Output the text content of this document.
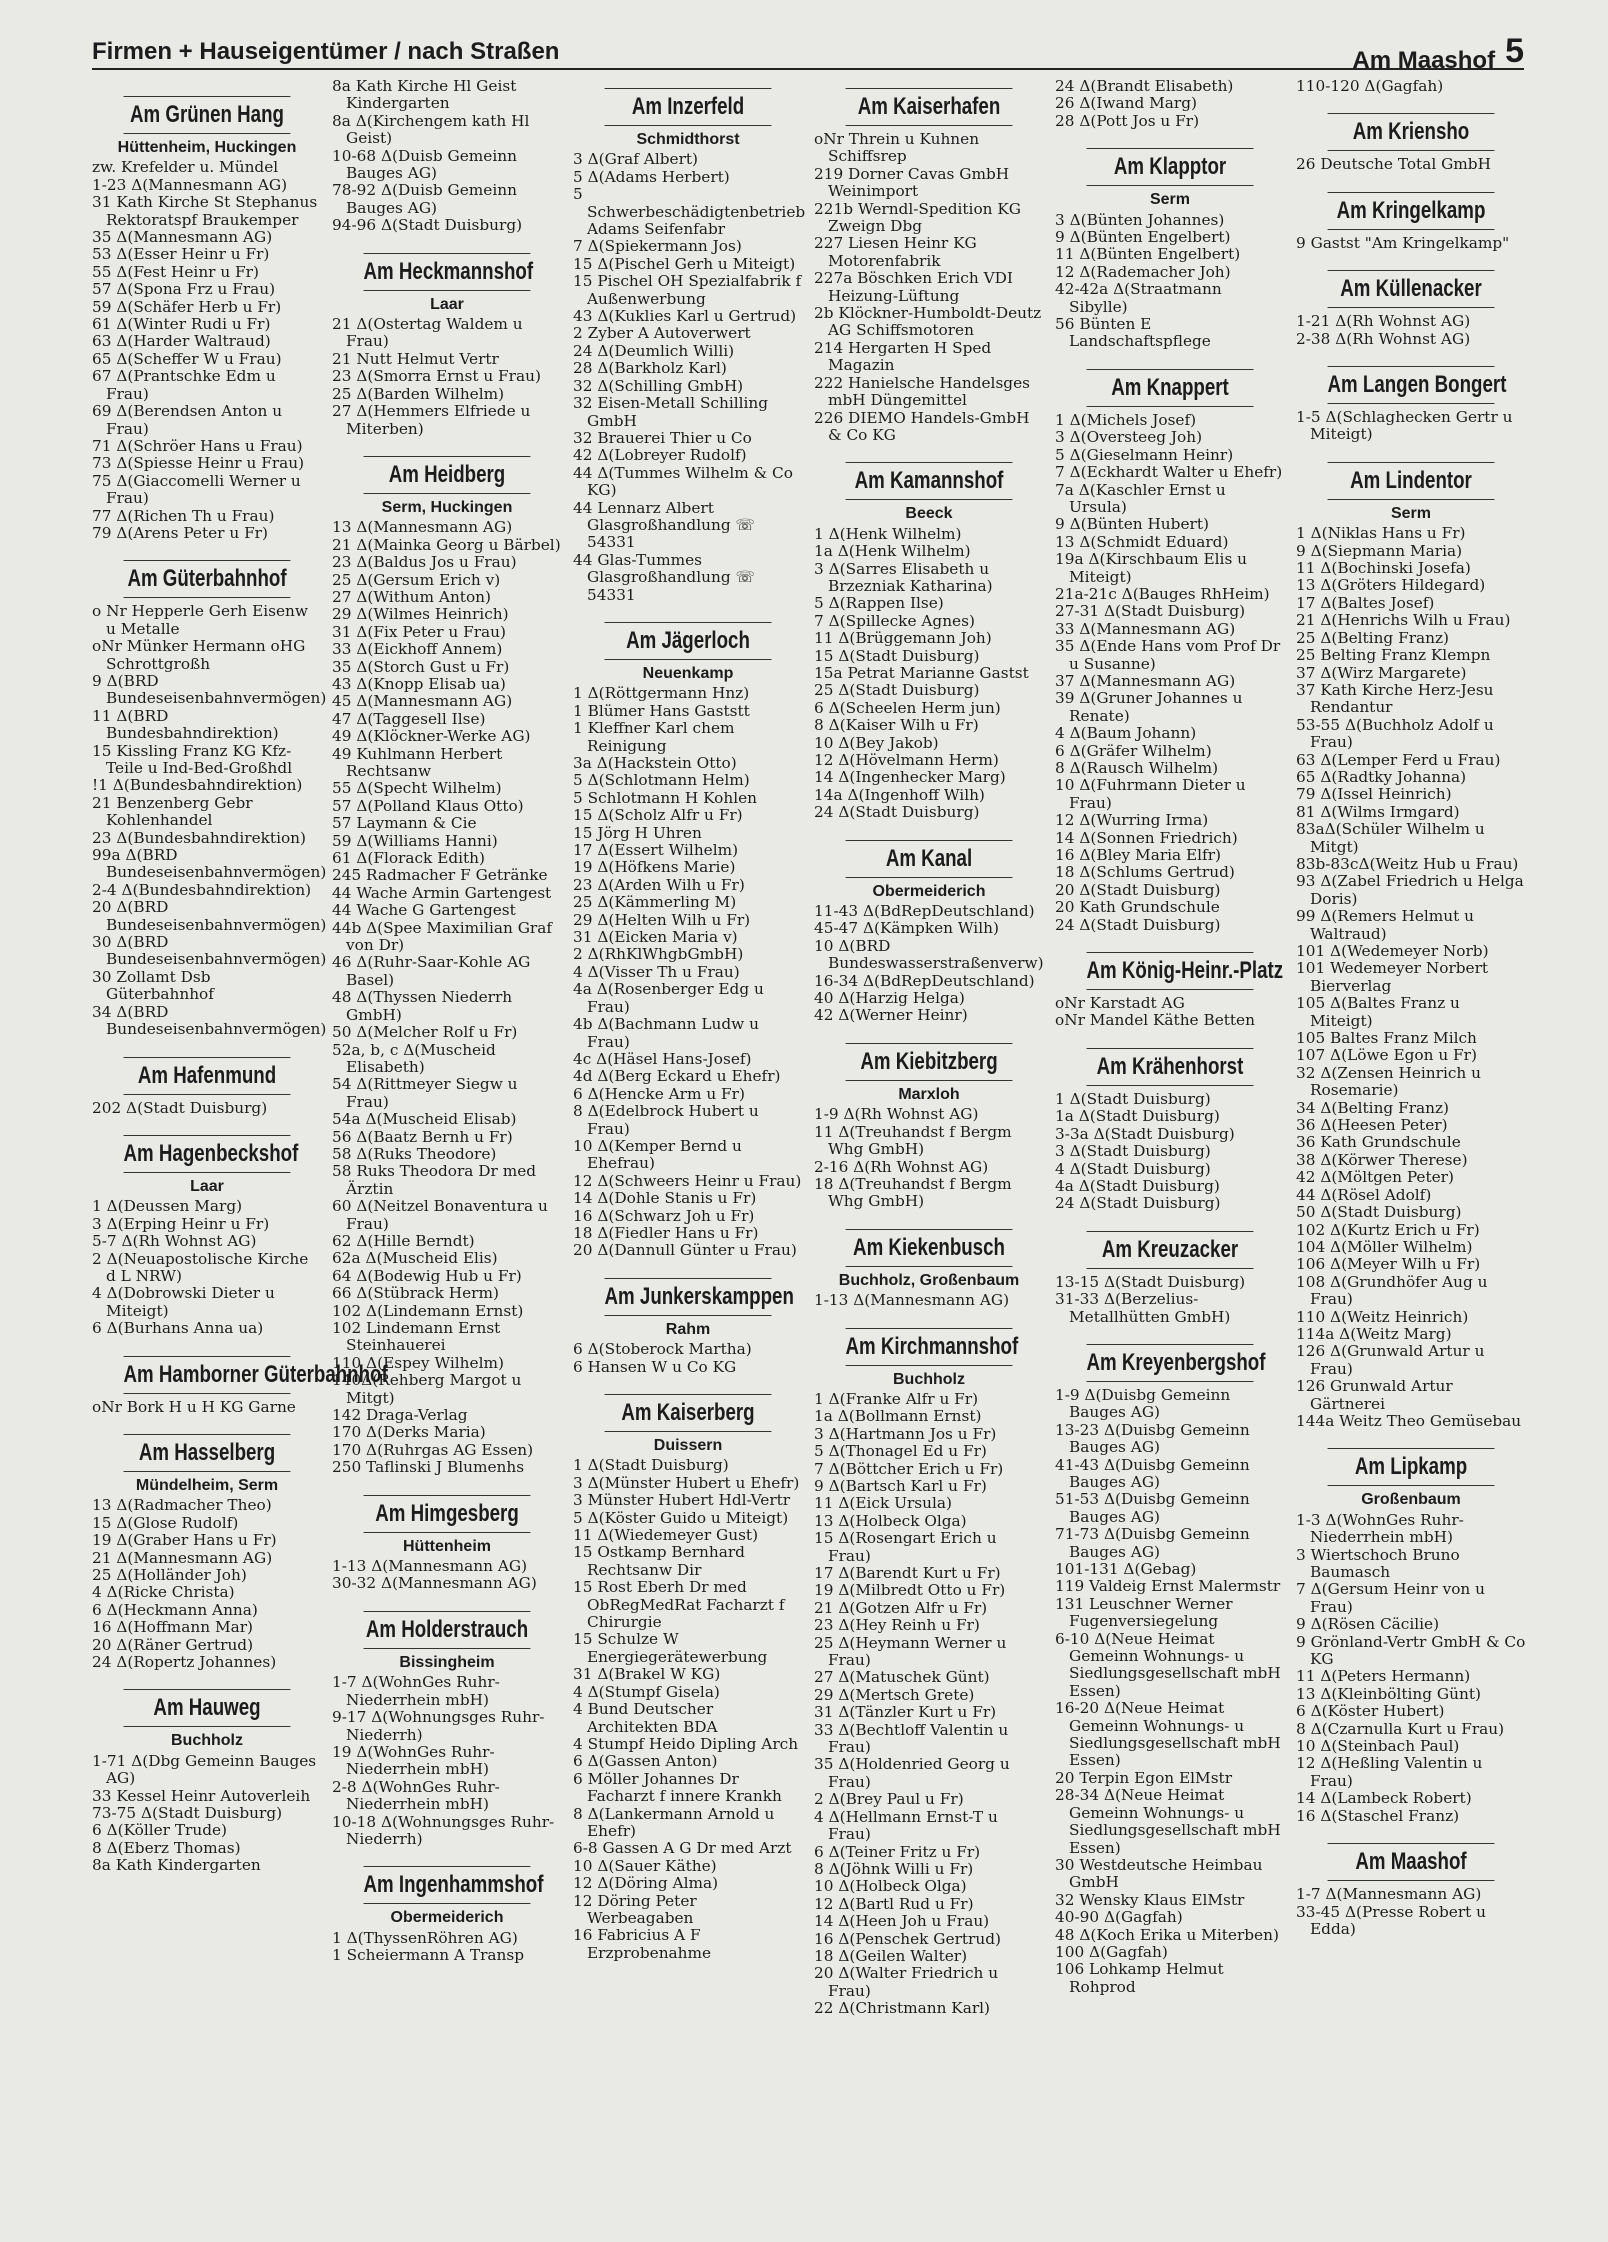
Firmen + Hauseigentümer / nach Straßen	Am Maashof 5
Am Grünen Hang
Hüttenheim, Huckingen
zw. Krefelder u. Mündel
1-23 Δ(Mannesmann AG)
31 Kath Kirche St Stephanus Rektoratspf Braukemper
35 Δ(Mannesmann AG)
53 Δ(Esser Heinr u Fr)
55 Δ(Fest Heinr u Fr)
57 Δ(Spona Frz u Frau)
59 Δ(Schäfer Herb u Fr)
61 Δ(Winter Rudi u Fr)
63 Δ(Harder Waltraud)
65 Δ(Scheffer W u Frau)
67 Δ(Prantschke Edm u Frau)
69 Δ(Berendsen Anton u Frau)
71 Δ(Schröer Hans u Frau)
73 Δ(Spiesse Heinr u Frau)
75 Δ(Giaccomelli Werner u Frau)
77 Δ(Richen Th u Frau)
79 Δ(Arens Peter u Fr)
Am Güterbahnhof
o Nr Hepperle Gerh Eisenw u Metalle
oNr Münker Hermann oHG Schrottgroßh
9 Δ(BRD Bundeseisenbahnvermögen)
11 Δ(BRD Bundesbahndirektion)
15 Kissling Franz KG Kfz-Teile u Ind-Bed-Großhdl
!1 Δ(Bundesbahndirektion)
21 Benzenberg Gebr Kohlenhandel
23 Δ(Bundesbahndirektion)
99a Δ(BRD Bundeseisenbahnvermögen)
2-4 Δ(Bundesbahndirektion)
20 Δ(BRD Bundeseisenbahnvermögen)
30 Δ(BRD Bundeseisenbahnvermögen)
30 Zollamt Dsb Güterbahnhof
34 Δ(BRD Bundeseisenbahnvermögen)
Am Hafenmund
202 Δ(Stadt Duisburg)
Am Hagenbeckshof
Laar
1 Δ(Deussen Marg)
3 Δ(Erping Heinr u Fr)
5-7 Δ(Rh Wohnst AG)
2 Δ(Neuapostolische Kirche d L NRW)
4 Δ(Dobrowski Dieter u Miteigt)
6 Δ(Burhans Anna ua)
Am Hamborner Güterbahnhof
oNr Bork H u H KG Garne
Am Hasselberg
Mündelheim, Serm
13 Δ(Radmacher Theo)
15 Δ(Glose Rudolf)
19 Δ(Graber Hans u Fr)
21 Δ(Mannesmann AG)
25 Δ(Holländer Joh)
4 Δ(Ricke Christa)
6 Δ(Heckmann Anna)
16 Δ(Hoffmann Mar)
20 Δ(Räner Gertrud)
24 Δ(Ropertz Johannes)
Am Hauweg
Buchholz
1-71 Δ(Dbg Gemeinn Bauges AG)
33 Kessel Heinr Autoverleih
73-75 Δ(Stadt Duisburg)
6 Δ(Köller Trude)
8 Δ(Eberz Thomas)
8a Kath Kindergarten
8a Kath Kirche Hl Geist Kindergarten
8a Δ(Kirchengem kath Hl Geist)
10-68 Δ(Duisb Gemeinn Bauges AG)
78-92 Δ(Duisb Gemeinn Bauges AG)
94-96 Δ(Stadt Duisburg)
Am Heckmannshof
Laar
21 Δ(Ostertag Waldem u Frau)
21 Nutt Helmut Vertr
23 Δ(Smorra Ernst u Frau)
25 Δ(Barden Wilhelm)
27 Δ(Hemmers Elfriede u Miterben)
Am Heidberg
Serm, Huckingen
13 Δ(Mannesmann AG)
21 Δ(Mainka Georg u Bärbel)
23 Δ(Baldus Jos u Frau)
25 Δ(Gersum Erich v)
27 Δ(Withum Anton)
29 Δ(Wilmes Heinrich)
31 Δ(Fix Peter u Frau)
33 Δ(Eickhoff Annem)
35 Δ(Storch Gust u Fr)
43 Δ(Knopp Elisab ua)
45 Δ(Mannesmann AG)
47 Δ(Taggesell Ilse)
49 Δ(Klöckner-Werke AG)
49 Kuhlmann Herbert Rechtsanw
55 Δ(Specht Wilhelm)
57 Δ(Polland Klaus Otto)
57 Laymann & Cie
59 Δ(Williams Hanni)
61 Δ(Florack Edith)
245 Radmacher F Getränke
44 Wache Armin Gartengest
44 Wache G Gartengest
44b Δ(Spee Maximilian Graf von Dr)
46 Δ(Ruhr-Saar-Kohle AG Basel)
48 Δ(Thyssen Niederrh GmbH)
50 Δ(Melcher Rolf u Fr)
52a, b, c Δ(Muscheid Elisabeth)
54 Δ(Rittmeyer Siegw u Frau)
54a Δ(Muscheid Elisab)
56 Δ(Baatz Bernh u Fr)
58 Δ(Ruks Theodore)
58 Ruks Theodora Dr med Ärztin
60 Δ(Neitzel Bonaventura u Frau)
62 Δ(Hille Berndt)
62a Δ(Muscheid Elis)
64 Δ(Bodewig Hub u Fr)
66 Δ(Stübrack Herm)
102 Δ(Lindemann Ernst)
102 Lindemann Ernst Steinhauerei
110 Δ(Espey Wilhelm)
140Δ(Rehberg Margot u Mitgt)
142 Draga-Verlag
170 Δ(Derks Maria)
170 Δ(Ruhrgas AG Essen)
250 Taflinski J Blumenhs
Am Himgesberg
Hüttenheim
1-13 Δ(Mannesmann AG)
30-32 Δ(Mannesmann AG)
Am Holderstrauch
Bissingheim
1-7 Δ(WohnGes Ruhr-Niederrhein mbH)
9-17 Δ(Wohnungsges Ruhr-Niederrh)
19 Δ(WohnGes Ruhr-Niederrhein mbH)
2-8 Δ(WohnGes Ruhr-Niederrhein mbH)
10-18 Δ(Wohnungsges Ruhr-Niederrh)
Am Ingenhammshof
Obermeiderich
1 Δ(ThyssenRöhren AG)
1 Scheiermann A Transp
Am Inzerfeld
Schmidthorst
3 Δ(Graf Albert)
5 Δ(Adams Herbert)
5 Schwerbeschädigtenbetrieb Adams Seifenfabr
7 Δ(Spiekermann Jos)
15 Δ(Pischel Gerh u Miteigt)
15 Pischel OH Spezialfabrik f Außenwerbung
43 Δ(Kuklies Karl u Gertrud)
2 Zyber A Autoverwert
24 Δ(Deumlich Willi)
28 Δ(Barkholz Karl)
32 Δ(Schilling GmbH)
32 Eisen-Metall Schilling GmbH
32 Brauerei Thier u Co
42 Δ(Lobreyer Rudolf)
44 Δ(Tummes Wilhelm & Co KG)
44 Lennarz Albert Glasgroßhandlung ☏ 54331
44 Glas-Tummes Glasgroßhandlung ☏ 54331
Am Jägerloch
Neuenkamp
1 Δ(Röttgermann Hnz)
1 Blümer Hans Gaststt
1 Kleffner Karl chem Reinigung
3a Δ(Hackstein Otto)
5 Δ(Schlotmann Helm)
5 Schlotmann H Kohlen
15 Δ(Scholz Alfr u Fr)
15 Jörg H Uhren
17 Δ(Essert Wilhelm)
19 Δ(Höfkens Marie)
23 Δ(Arden Wilh u Fr)
25 Δ(Kämmerling M)
29 Δ(Helten Wilh u Fr)
31 Δ(Eicken Maria v)
2 Δ(RhKlWhgbGmbH)
4 Δ(Visser Th u Frau)
4a Δ(Rosenberger Edg u Frau)
4b Δ(Bachmann Ludw u Frau)
4c Δ(Häsel Hans-Josef)
4d Δ(Berg Eckard u Ehefr)
6 Δ(Hencke Arm u Fr)
8 Δ(Edelbrock Hubert u Frau)
10 Δ(Kemper Bernd u Ehefrau)
12 Δ(Schweers Heinr u Frau)
14 Δ(Dohle Stanis u Fr)
16 Δ(Schwarz Joh u Fr)
18 Δ(Fiedler Hans u Fr)
20 Δ(Dannull Günter u Frau)
Am Junkerskamppen
Rahm
6 Δ(Stoberock Martha)
6 Hansen W u Co KG
Am Kaiserberg
Duissern
1 Δ(Stadt Duisburg)
3 Δ(Münster Hubert u Ehefr)
3 Münster Hubert Hdl-Vertr
5 Δ(Köster Guido u Miteigt)
11 Δ(Wiedemeyer Gust)
15 Ostkamp Bernhard Rechtsanw Dir
15 Rost Eberh Dr med ObRegMedRat Facharzt f Chirurgie
15 Schulze W Energiegerätewerbung
31 Δ(Brakel W KG)
4 Δ(Stumpf Gisela)
4 Bund Deutscher Architekten BDA
4 Stumpf Heido Dipling Arch
6 Δ(Gassen Anton)
6 Möller Johannes Dr Facharzt f innere Krankh
8 Δ(Lankermann Arnold u Ehefr)
6-8 Gassen A G Dr med Arzt
10 Δ(Sauer Käthe)
12 Δ(Döring Alma)
12 Döring Peter Werbeagaben
16 Fabricius A F Erzprobenahme
Am Kaiserhafen
oNr Threin u Kuhnen Schiffsrep
219 Dorner Cavas GmbH Weinimport
221b Werndl-Spedition KG Zweign Dbg
227 Liesen Heinr KG Motorenfabrik
227a Böschken Erich VDI Heizung-Lüftung
2b Klöckner-Humboldt-Deutz AG Schiffsmotoren
214 Hergarten H Sped Magazin
222 Hanielsche Handelsges mbH Düngemittel
226 DIEMO Handels-GmbH & Co KG
Am Kamannshof
Beeck
1 Δ(Henk Wilhelm)
1a Δ(Henk Wilhelm)
3 Δ(Sarres Elisabeth u Brzezniak Katharina)
5 Δ(Rappen Ilse)
7 Δ(Spillecke Agnes)
11 Δ(Brüggemann Joh)
15 Δ(Stadt Duisburg)
15a Petrat Marianne Gastst
25 Δ(Stadt Duisburg)
6 Δ(Scheelen Herm jun)
8 Δ(Kaiser Wilh u Fr)
10 Δ(Bey Jakob)
12 Δ(Hövelmann Herm)
14 Δ(Ingenhecker Marg)
14a Δ(Ingenhoff Wilh)
24 Δ(Stadt Duisburg)
Am Kanal
Obermeiderich
11-43 Δ(BdRepDeutschland)
45-47 Δ(Kämpken Wilh)
10 Δ(BRD Bundeswasserstraßenverw)
16-34 Δ(BdRepDeutschland)
40 Δ(Harzig Helga)
42 Δ(Werner Heinr)
Am Kiebitzberg
Marxloh
1-9 Δ(Rh Wohnst AG)
11 Δ(Treuhandst f Bergm Whg GmbH)
2-16 Δ(Rh Wohnst AG)
18 Δ(Treuhandst f Bergm Whg GmbH)
Am Kiekenbusch
Buchholz, Großenbaum
1-13 Δ(Mannesmann AG)
Am Kirchmannshof
Buchholz
1 Δ(Franke Alfr u Fr)
1a Δ(Bollmann Ernst)
3 Δ(Hartmann Jos u Fr)
5 Δ(Thonagel Ed u Fr)
7 Δ(Böttcher Erich u Fr)
9 Δ(Bartsch Karl u Fr)
11 Δ(Eick Ursula)
13 Δ(Holbeck Olga)
15 Δ(Rosengart Erich u Frau)
17 Δ(Barendt Kurt u Fr)
19 Δ(Milbredt Otto u Fr)
21 Δ(Gotzen Alfr u Fr)
23 Δ(Hey Reinh u Fr)
25 Δ(Heymann Werner u Frau)
27 Δ(Matuschek Günt)
29 Δ(Mertsch Grete)
31 Δ(Tänzler Kurt u Fr)
33 Δ(Bechtloff Valentin u Frau)
35 Δ(Holdenried Georg u Frau)
2 Δ(Brey Paul u Fr)
4 Δ(Hellmann Ernst-T u Frau)
6 Δ(Teiner Fritz u Fr)
8 Δ(Jöhnk Willi u Fr)
10 Δ(Holbeck Olga)
12 Δ(Bartl Rud u Fr)
14 Δ(Heen Joh u Frau)
16 Δ(Penschek Gertrud)
18 Δ(Geilen Walter)
20 Δ(Walter Friedrich u Frau)
22 Δ(Christmann Karl)
24 Δ(Brandt Elisabeth)
26 Δ(Iwand Marg)
28 Δ(Pott Jos u Fr)
Am Klapptor
Serm
3 Δ(Bünten Johannes)
9 Δ(Bünten Engelbert)
11 Δ(Bünten Engelbert)
12 Δ(Rademacher Joh)
42-42a Δ(Straatmann Sibylle)
56 Bünten E Landschaftspflege
Am Knappert
1 Δ(Michels Josef)
3 Δ(Oversteeg Joh)
5 Δ(Gieselmann Heinr)
7 Δ(Eckhardt Walter u Ehefr)
7a Δ(Kaschler Ernst u Ursula)
9 Δ(Bünten Hubert)
13 Δ(Schmidt Eduard)
19a Δ(Kirschbaum Elis u Miteigt)
21a-21c Δ(Bauges RhHeim)
27-31 Δ(Stadt Duisburg)
33 Δ(Mannesmann AG)
35 Δ(Ende Hans vom Prof Dr u Susanne)
37 Δ(Mannesmann AG)
39 Δ(Gruner Johannes u Renate)
4 Δ(Baum Johann)
6 Δ(Gräfer Wilhelm)
8 Δ(Rausch Wilhelm)
10 Δ(Fuhrmann Dieter u Frau)
12 Δ(Wurring Irma)
14 Δ(Sonnen Friedrich)
16 Δ(Bley Maria Elfr)
18 Δ(Schlums Gertrud)
20 Δ(Stadt Duisburg)
20 Kath Grundschule
24 Δ(Stadt Duisburg)
Am König-Heinr.-Platz
oNr Karstadt AG
oNr Mandel Käthe Betten
Am Krähenhorst
1 Δ(Stadt Duisburg)
1a Δ(Stadt Duisburg)
3-3a Δ(Stadt Duisburg)
3 Δ(Stadt Duisburg)
4 Δ(Stadt Duisburg)
4a Δ(Stadt Duisburg)
24 Δ(Stadt Duisburg)
Am Kreuzacker
13-15 Δ(Stadt Duisburg)
31-33 Δ(Berzelius-Metallhütten GmbH)
Am Kreyenbergshof
1-9 Δ(Duisbg Gemeinn Bauges AG)
13-23 Δ(Duisbg Gemeinn Bauges AG)
41-43 Δ(Duisbg Gemeinn Bauges AG)
51-53 Δ(Duisbg Gemeinn Bauges AG)
71-73 Δ(Duisbg Gemeinn Bauges AG)
101-131 Δ(Gebag)
119 Valdeig Ernst Malermstr
131 Leuschner Werner Fugenversiegelung
6-10 Δ(Neue Heimat Gemeinn Wohnungs- u Siedlungsgesellschaft mbH Essen)
16-20 Δ(Neue Heimat Gemeinn Wohnungs- u Siedlungsgesellschaft mbH Essen)
20 Terpin Egon ElMstr
28-34 Δ(Neue Heimat Gemeinn Wohnungs- u Siedlungsgesellschaft mbH Essen)
30 Westdeutsche Heimbau GmbH
32 Wensky Klaus ElMstr
40-90 Δ(Gagfah)
48 Δ(Koch Erika u Miterben)
100 Δ(Gagfah)
106 Lohkamp Helmut Rohprod
110-120 Δ(Gagfah)
Am Kriensho
26 Deutsche Total GmbH
Am Kringelkamp
9 Gastst "Am Kringelkamp"
Am Küllenacker
1-21 Δ(Rh Wohnst AG)
2-38 Δ(Rh Wohnst AG)
Am Langen Bongert
1-5 Δ(Schlaghecken Gertr u Miteigt)
Am Lindentor
Serm
1 Δ(Niklas Hans u Fr)
9 Δ(Siepmann Maria)
11 Δ(Bochinski Josefa)
13 Δ(Gröters Hildegard)
17 Δ(Baltes Josef)
21 Δ(Henrichs Wilh u Frau)
25 Δ(Belting Franz)
25 Belting Franz Klempn
37 Δ(Wirz Margarete)
37 Kath Kirche Herz-Jesu Rendantur
53-55 Δ(Buchholz Adolf u Frau)
63 Δ(Lemper Ferd u Frau)
65 Δ(Radtky Johanna)
79 Δ(Issel Heinrich)
81 Δ(Wilms Irmgard)
83aΔ(Schüler Wilhelm u Mitgt)
83b-83cΔ(Weitz Hub u Frau)
93 Δ(Zabel Friedrich u Helga Doris)
99 Δ(Remers Helmut u Waltraud)
101 Δ(Wedemeyer Norb)
101 Wedemeyer Norbert Bierverlag
105 Δ(Baltes Franz u Miteigt)
105 Baltes Franz Milch
107 Δ(Löwe Egon u Fr)
32 Δ(Zensen Heinrich u Rosemarie)
34 Δ(Belting Franz)
36 Δ(Heesen Peter)
36 Kath Grundschule
38 Δ(Körwer Therese)
42 Δ(Möltgen Peter)
44 Δ(Rösel Adolf)
50 Δ(Stadt Duisburg)
102 Δ(Kurtz Erich u Fr)
104 Δ(Möller Wilhelm)
106 Δ(Meyer Wilh u Fr)
108 Δ(Grundhöfer Aug u Frau)
110 Δ(Weitz Heinrich)
114a Δ(Weitz Marg)
126 Δ(Grunwald Artur u Frau)
126 Grunwald Artur Gärtnerei
144a Weitz Theo Gemüsebau
Am Lipkamp
Großenbaum
1-3 Δ(WohnGes Ruhr-Niederrhein mbH)
3 Wiertschoch Bruno Baumasch
7 Δ(Gersum Heinr von u Frau)
9 Δ(Rösen Cäcilie)
9 Grönland-Vertr GmbH & Co KG
11 Δ(Peters Hermann)
13 Δ(Kleinbölting Günt)
6 Δ(Köster Hubert)
8 Δ(Czarnulla Kurt u Frau)
10 Δ(Steinbach Paul)
12 Δ(Heßling Valentin u Frau)
14 Δ(Lambeck Robert)
16 Δ(Staschel Franz)
Am Maashof
1-7 Δ(Mannesmann AG)
33-45 Δ(Presse Robert u Edda)
